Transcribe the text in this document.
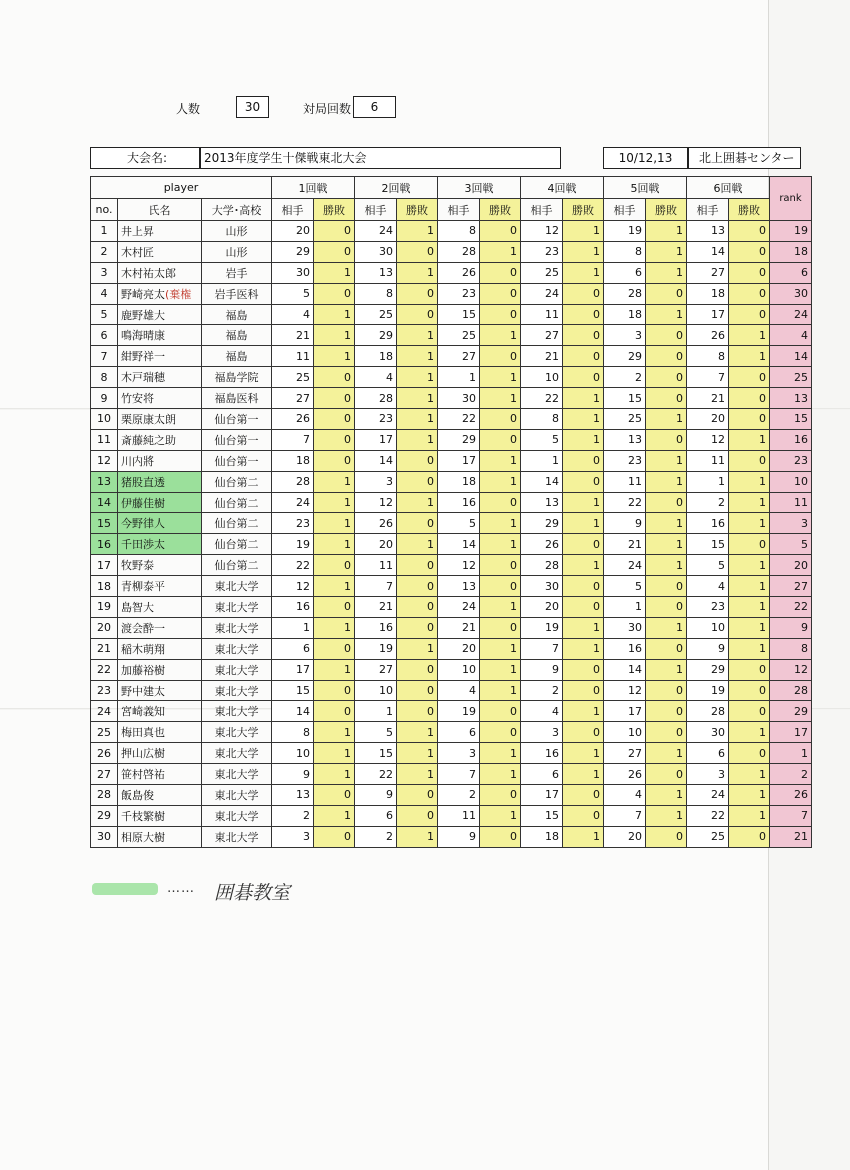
人数	30	対局回数	6
大会名:	2013年度学生十傑戦東北大会	10/12,13	北上囲碁センター
player			1回戦		2回戦		3回戦		4回戦		5回戦		6回戦		rank
no.	氏名	大学･高校	相手	勝敗	相手	勝敗	相手	勝敗	相手	勝敗	相手	勝敗	相手	勝敗	
1	井上昇	山形	20	0	24	1	8	0	12	1	19	1	13	0	19
2	木村匠	山形	29	0	30	0	28	1	23	1	8	1	14	0	18
3	木村祐太郎	岩手	30	1	13	1	26	0	25	1	6	1	27	0	6
4	野崎亮太(棄権	岩手医科	5	0	8	0	23	0	24	0	28	0	18	0	30
5	鹿野雄大	福島	4	1	25	0	15	0	11	0	18	1	17	0	24
6	鳴海晴康	福島	21	1	29	1	25	1	27	0	3	0	26	1	4
7	紺野祥一	福島	11	1	18	1	27	0	21	0	29	0	8	1	14
8	木戸瑞穂	福島学院	25	0	4	1	1	1	10	0	2	0	7	0	25
9	竹安将	福島医科	27	0	28	1	30	1	22	1	15	0	21	0	13
10	栗原康太朗	仙台第一	26	0	23	1	22	0	8	1	25	1	20	0	15
11	斎藤純之助	仙台第一	7	0	17	1	29	0	5	1	13	0	12	1	16
12	川内將	仙台第一	18	0	14	0	17	1	1	0	23	1	11	0	23
13	猪股直透	仙台第二	28	1	3	0	18	1	14	0	11	1	1	1	10
14	伊藤佳樹	仙台第二	24	1	12	1	16	0	13	1	22	0	2	1	11
15	今野律人	仙台第二	23	1	26	0	5	1	29	1	9	1	16	1	3
16	千田渉太	仙台第二	19	1	20	1	14	1	26	0	21	1	15	0	5
17	牧野泰	仙台第二	22	0	11	0	12	0	28	1	24	1	5	1	20
18	青柳泰平	東北大学	12	1	7	0	13	0	30	0	5	0	4	1	27
19	島智大	東北大学	16	0	21	0	24	1	20	0	1	0	23	1	22
20	渡会酔一	東北大学	1	1	16	0	21	0	19	1	30	1	10	1	9
21	稲木萌翔	東北大学	6	0	19	1	20	1	7	1	16	0	9	1	8
22	加藤裕樹	東北大学	17	1	27	0	10	1	9	0	14	1	29	0	12
23	野中建太	東北大学	15	0	10	0	4	1	2	0	12	0	19	0	28
24	宮崎義知	東北大学	14	0	1	0	19	0	4	1	17	0	28	0	29
25	梅田真也	東北大学	8	1	5	1	6	0	3	0	10	0	30	1	17
26	押山広樹	東北大学	10	1	15	1	3	1	16	1	27	1	6	0	1
27	笹村啓祐	東北大学	9	1	22	1	7	1	6	1	26	0	3	1	2
28	飯島俊	東北大学	13	0	9	0	2	0	17	0	4	1	24	1	26
29	千枝繁樹	東北大学	2	1	6	0	11	1	15	0	7	1	22	1	7
30	相原大樹	東北大学	3	0	2	1	9	0	18	1	20	0	25	0	21
…… 囲碁教室
